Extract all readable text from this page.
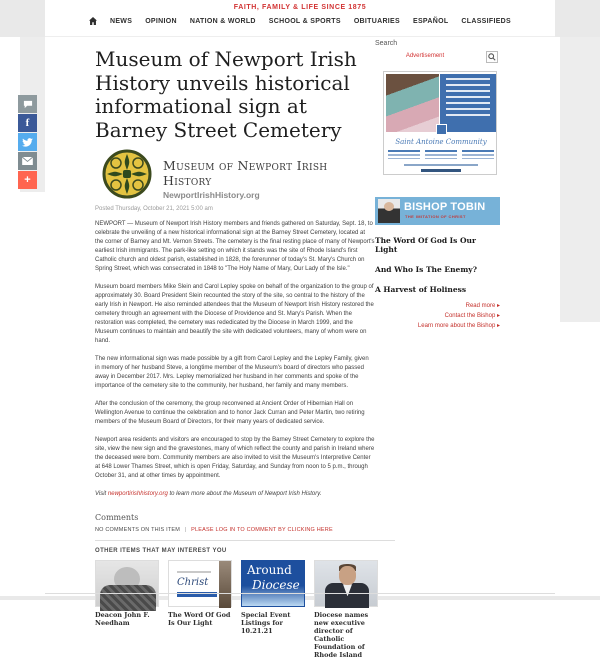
FAITH, FAMILY & LIFE SINCE 1875
NEWS OPINION NATION & WORLD SCHOOL & SPORTS OBITUARIES ESPAÑOL CLASSIFIEDS
f
+
Museum of Newport Irish History unveils historical informational sign at Barney Street Cemetery
Museum of Newport Irish History
NewportIrishHistory.org
Posted Thursday, October 21, 2021 5:00 am

NEWPORT — Museum of Newport Irish History members and friends gathered on Saturday, Sept. 18, to celebrate the unveiling of a new historical informational sign at the Barney Street Cemetery, located at the corner of Barney and Mt. Vernon Streets. The cemetery is the final resting place of many of Newport's earliest Irish immigrants. The park-like setting on which it stands was the site of Rhode Island's first Catholic church and oldest parish, established in 1828, the forerunner of today's St. Mary's Church on Spring Street, which was consecrated in 1848 to "The Holy Name of Mary, Our Lady of the Isle."

Museum board members Mike Slein and Carol Lepley spoke on behalf of the organization to the group of approximately 30. Board President Slein recounted the story of the site, so central to the history of the early Irish in Newport. He also reminded attendees that the Museum of Newport Irish History restored the cemetery through an agreement with the Diocese of Providence and St. Mary's Parish. When the restoration was completed, the cemetery was rededicated by the Diocese in March 1999, and the Museum continues to maintain and beautify the site with dedicated volunteers, many of whom were on hand.

The new informational sign was made possible by a gift from Carol Lepley and the Lepley Family, given in memory of her husband Steve, a longtime member of the Museum's board of directors who passed away in December 2017. Mrs. Lepley memorialized her husband in her comments and spoke of the importance of the cemetery site to the community, her husband, her family and many members.

After the conclusion of the ceremony, the group reconvened at Ancient Order of Hibernian Hall on Wellington Avenue to continue the celebration and to honor Jack Curran and Peter Martin, two retiring members of the Museum Board of Directors, for their many years of dedicated service.

Newport area residents and visitors are encouraged to stop by the Barney Street Cemetery to explore the site, view the new sign and the gravestones, many of which reflect the county and parish in Ireland where the deceased were born. Community members are also invited to visit the Museum's Interpretive Center at 648 Lower Thames Street, which is open Friday, Saturday, and Sunday from noon to 5 p.m., through October 31, and at other times by appointment.

Visit newportirishhistory.org to learn more about the Museum of Newport Irish History.

Comments
NO COMMENTS ON THIS ITEM | PLEASE LOG IN TO COMMENT BY CLICKING HERE
OTHER ITEMS THAT MAY INTEREST YOU
Deacon John F. Needham
Christ
The Word Of God Is Our Light
Around
Diocese
Special Event Listings for 10.21.21
Diocese names new executive director of Catholic Foundation of Rhode Island
Search
Advertisement
Saint Antoine Community
BISHOP TOBIN
THE IMITATION OF CHRIST
The Word Of God Is Our Light
And Who Is The Enemy?
A Harvest of Holiness
Read more ▸
Contact the Bishop ▸
Learn more about the Bishop ▸
